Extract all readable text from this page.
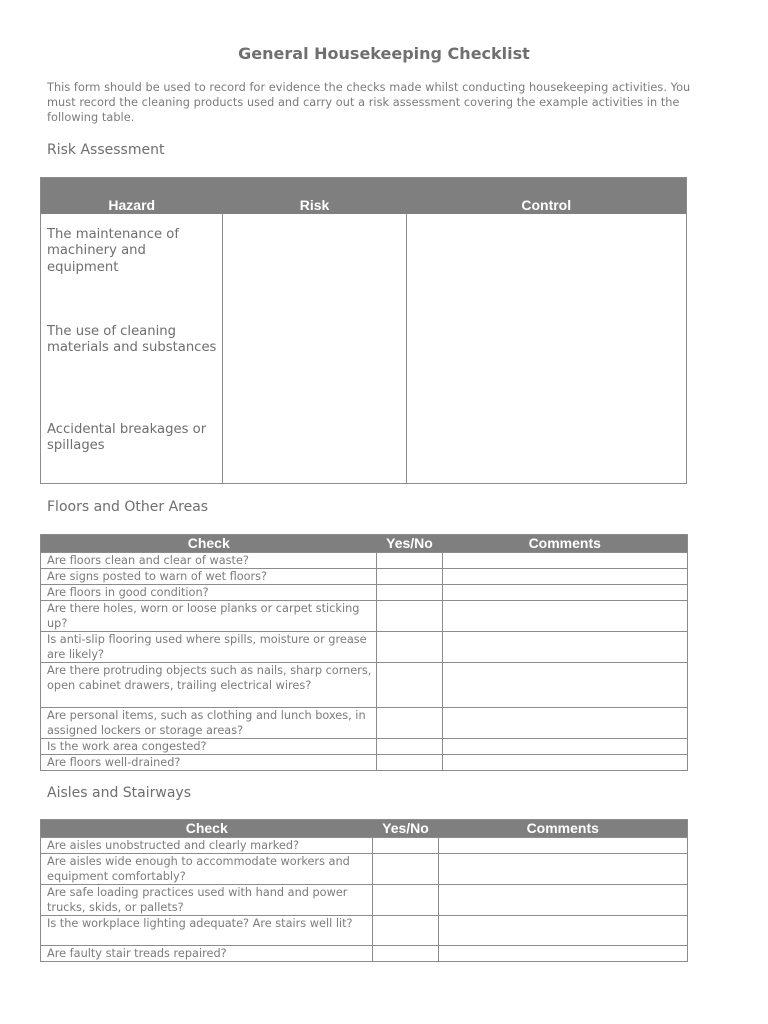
General Housekeeping Checklist
This form should be used to record for evidence the checks made whilst conducting housekeeping activities. You must record the cleaning products used and carry out a risk assessment covering the example activities in the following table.
Risk Assessment
Hazard	Risk	Control

The maintenance of machinery and equipment
The use of cleaning materials and substances
Accidental breakages or spillages		

Floors and Other Areas
Check	Yes/No	Comments
Are floors clean and clear of waste?		
Are signs posted to warn of wet floors?		
Are floors in good condition?		
Are there holes, worn or loose planks or carpet sticking up?		
Is anti-slip flooring used where spills, moisture or grease are likely?		
Are there protruding objects such as nails, sharp corners, open cabinet drawers, trailing electrical wires?		
Are personal items, such as clothing and lunch boxes, in assigned lockers or storage areas?		
Is the work area congested?		
Are floors well-drained?		
Aisles and Stairways
Check	Yes/No	Comments
Are aisles unobstructed and clearly marked?		
Are aisles wide enough to accommodate workers and equipment comfortably?		
Are safe loading practices used with hand and power trucks, skids, or pallets?		
Is the workplace lighting adequate? Are stairs well lit?		
Are faulty stair treads repaired?		
